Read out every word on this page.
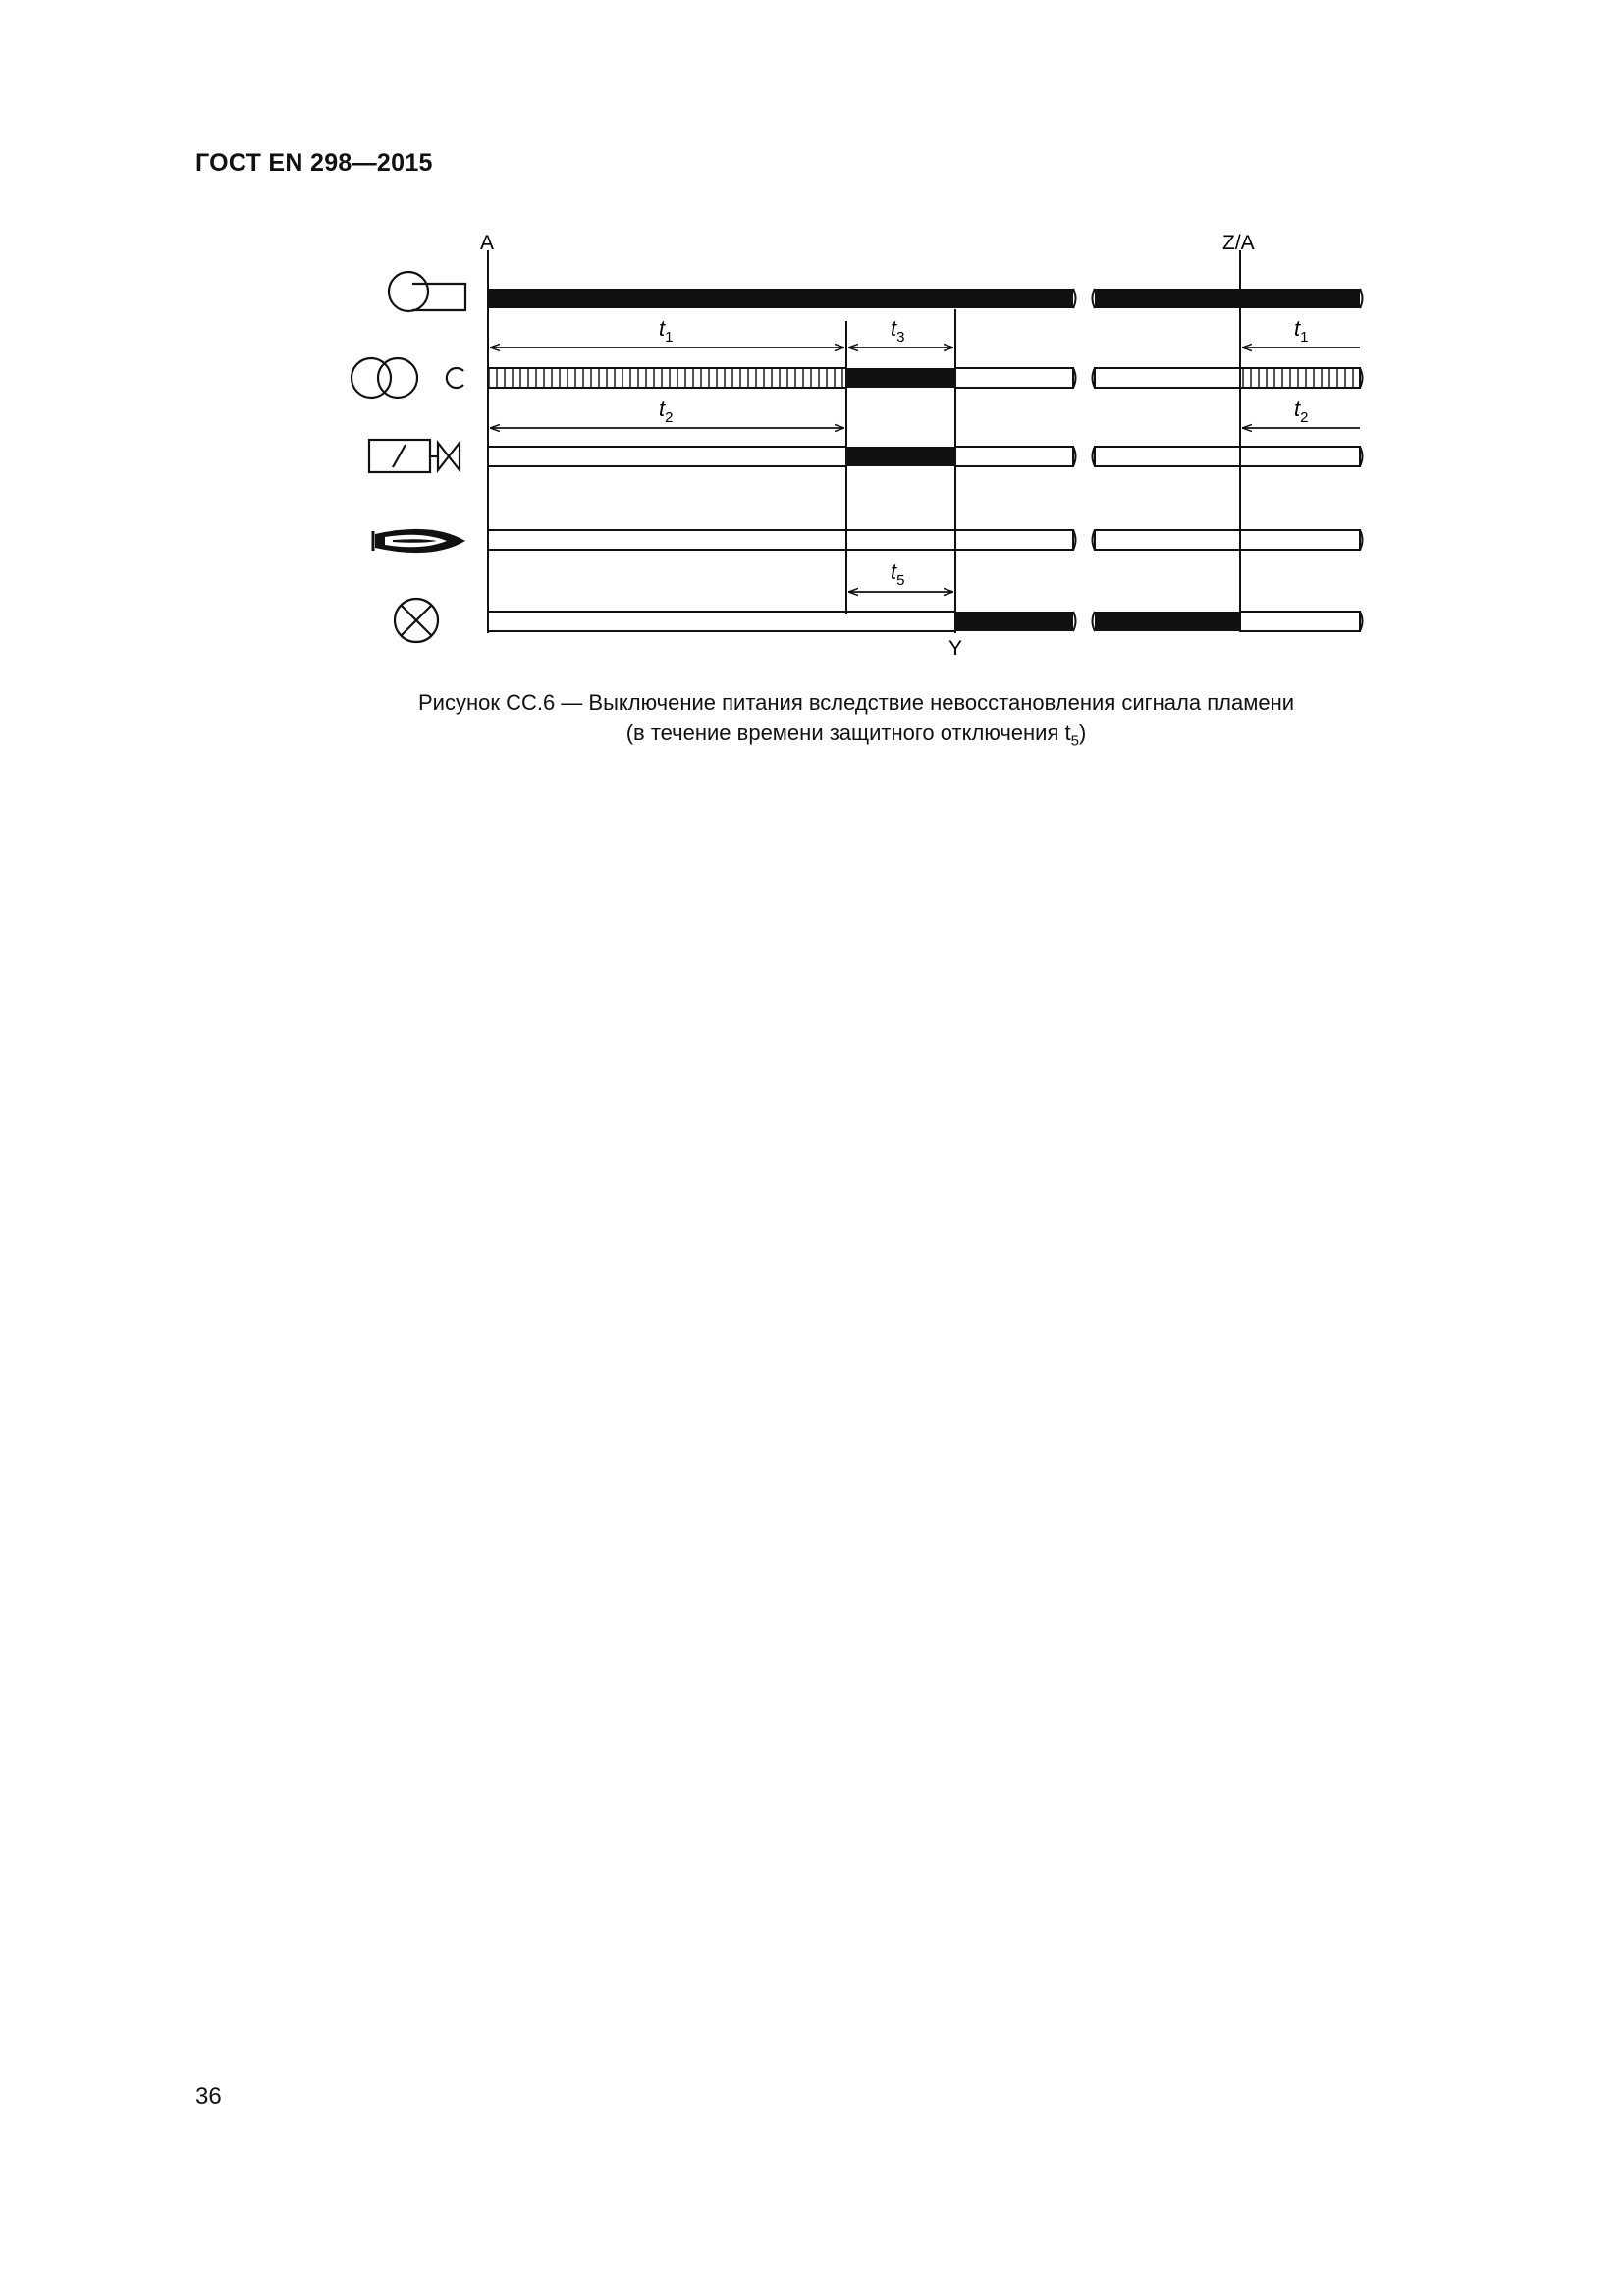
ГОСТ EN 298—2015
A	Z/A
Y
$t_1$	$t_3$	$t_1$
$t_2$	$t_2$
$t_5$
Рисунок СС.6 — Выключение питания вследствие невосстановления сигнала пламени
(в течение времени защитного отключения $t_5$)
36
